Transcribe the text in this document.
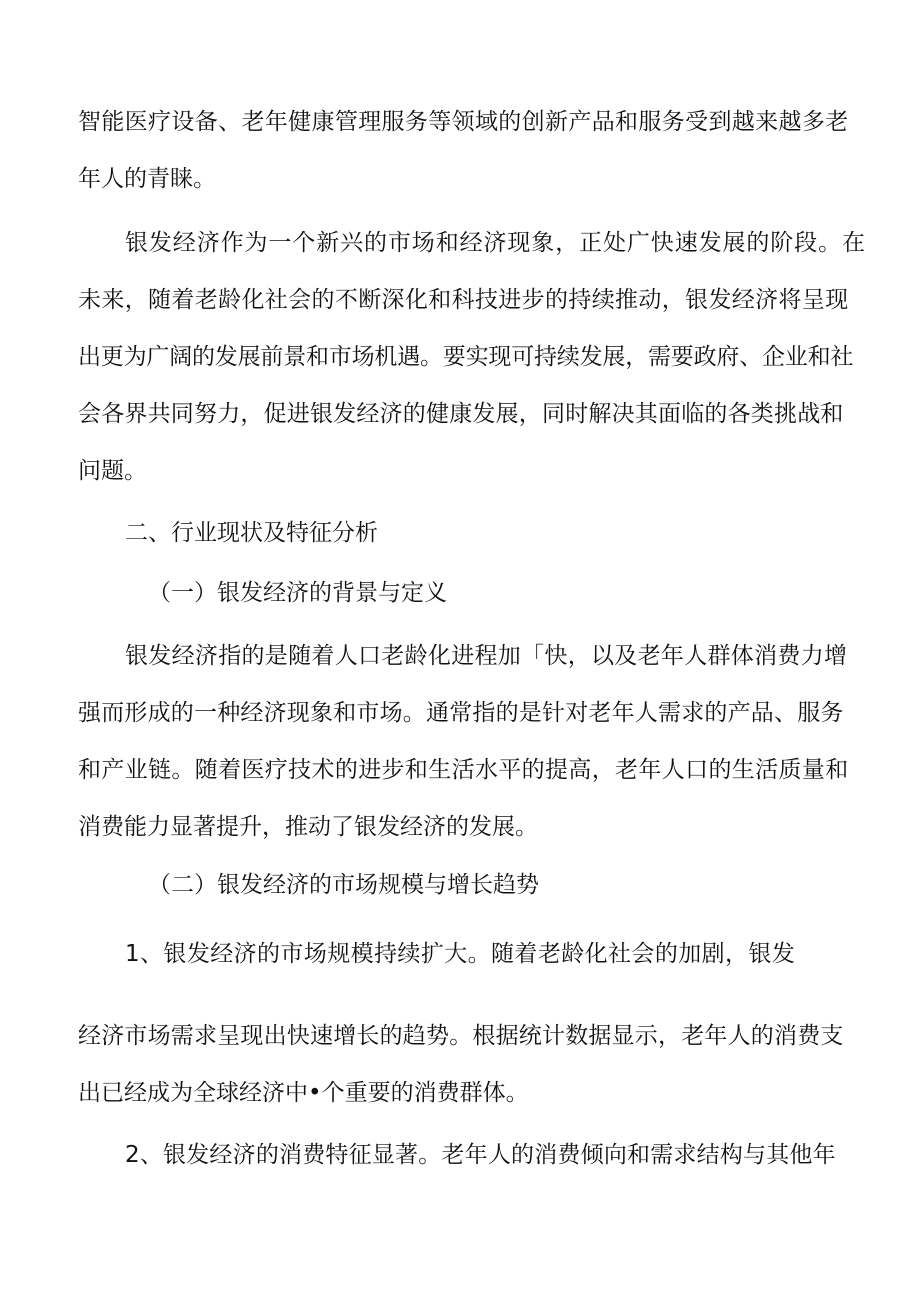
智能医疗设备、老年健康管理服务等领域的创新产品和服务受到越来越多老

年人的青睐。

银发经济作为一个新兴的市场和经济现象，正处广快速发展的阶段。在

未来，随着老龄化社会的不断深化和科技进步的持续推动，银发经济将呈现

出更为广阔的发展前景和市场机遇。要实现可持续发展，需要政府、企业和社

会各界共同努力，促进银发经济的健康发展，同时解决其面临的各类挑战和

问题。

二、行业现状及特征分析

（一）银发经济的背景与定义

银发经济指的是随着人口老龄化进程加「快，以及老年人群体消费力增

强而形成的一种经济现象和市场。通常指的是针对老年人需求的产品、服务

和产业链。随着医疗技术的进步和生活水平的提高，老年人口的生活质量和

消费能力显著提升，推动了银发经济的发展。

（二）银发经济的市场规模与增长趋势

1、银发经济的市场规模持续扩大。随着老龄化社会的加剧，银发

经济市场需求呈现出快速增长的趋势。根据统计数据显示，老年人的消费支

出已经成为全球经济中•个重要的消费群体。

2、银发经济的消费特征显著。老年人的消费倾向和需求结构与其他年
